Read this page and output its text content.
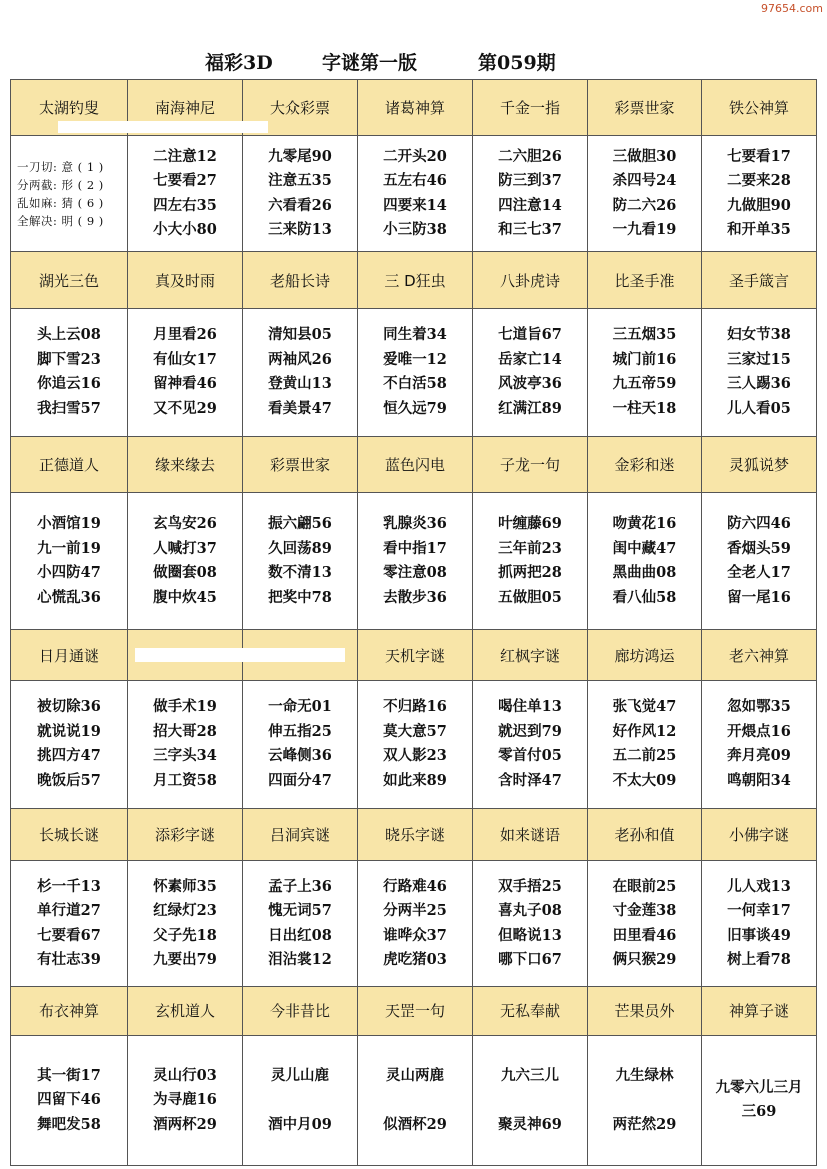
97654.com
福彩3D	字谜第一版	第059期
太湖钓叟	南海神尼	大众彩票	诸葛神算	千金一指	彩票世家	铁公神算

一刀切: 意 ( 1 )
分两截: 形 ( 2 )
乱如麻: 猜 ( 6 )
全解决: 明 ( 9 )	二注意12
七要看27
四左右35
小大小80	九零尾90
注意五35
六看看26
三来防13	二开头20
五左右46
四要来14
小三防38	二六胆26
防三到37
四注意14
和三七37	三做胆30
杀四号24
防二六26
一九看19	七要看17
二要来28
九做胆90
和开单35

湖光三色	真及时雨	老船长诗	三 D狂虫	八卦虎诗	比圣手准	圣手箴言

头上云08
脚下雪23
你追云16
我扫雪57	月里看26
有仙女17
留神看46
又不见29	清知县05
两袖风26
登黄山13
看美景47	同生着34
爱唯一12
不白活58
恒久远79	七道旨67
岳家亡14
风波亭36
红满江89	三五烟35
城门前16
九五帝59
一柱天18	妇女节38
三家过15
三人踢36
儿人看05

正德道人	缘来缘去	彩票世家	蓝色闪电	子龙一句	金彩和迷	灵狐说梦

小酒馆19
九一前19
小四防47
心慌乱36	玄鸟安26
人喊打37
做圈套08
腹中炊45	振六翩56
久回荡89
数不清13
把奖中78	乳腺炎36
看中指17
零注意08
去散步36	叶缠藤69
三年前23
抓两把28
五做胆05	吻黄花16
闺中藏47
黑曲曲08
看八仙58	防六四46
香烟头59
全老人17
留一尾16

日月通谜			天机字谜	红枫字谜	廊坊鸿运	老六神算

被切除36
就说说19
挑四方47
晚饭后57	做手术19
招大哥28
三字头34
月工资58	一命无01
伸五指25
云峰侧36
四面分47	不归路16
莫大意57
双人影23
如此来89	喝住单13
就迟到79
零首付05
含时泽47	张飞觉47
好作风12
五二前25
不太大09	忽如鄂35
开煨点16
奔月亮09
鸣朝阳34

长城长谜	添彩字谜	吕洞宾谜	晓乐字谜	如来谜语	老孙和值	小佛字谜

杉一千13
单行道27
七要看67
有壮志39	怀素师35
红绿灯23
父子先18
九要出79	孟子上36
愧无词57
日出红08
泪沾裳12	行路难46
分两半25
谁哗众37
虎吃猪03	双手捂25
喜丸子08
但略说13
哪下口67	在眼前25
寸金莲38
田里看46
俩只猴29	儿人戏13
一何幸17
旧事谈49
树上看78

布衣神算	玄机道人	今非昔比	天罡一句	无私奉献	芒果员外	神算子谜

其一街17
四留下46
舞吧发58	灵山行03
为寻鹿16
酒两杯29	灵儿山鹿

酒中月09	灵山两鹿

似酒杯29	九六三儿

聚灵神69	九生绿林

两茫然29	九零六儿三月
三69
